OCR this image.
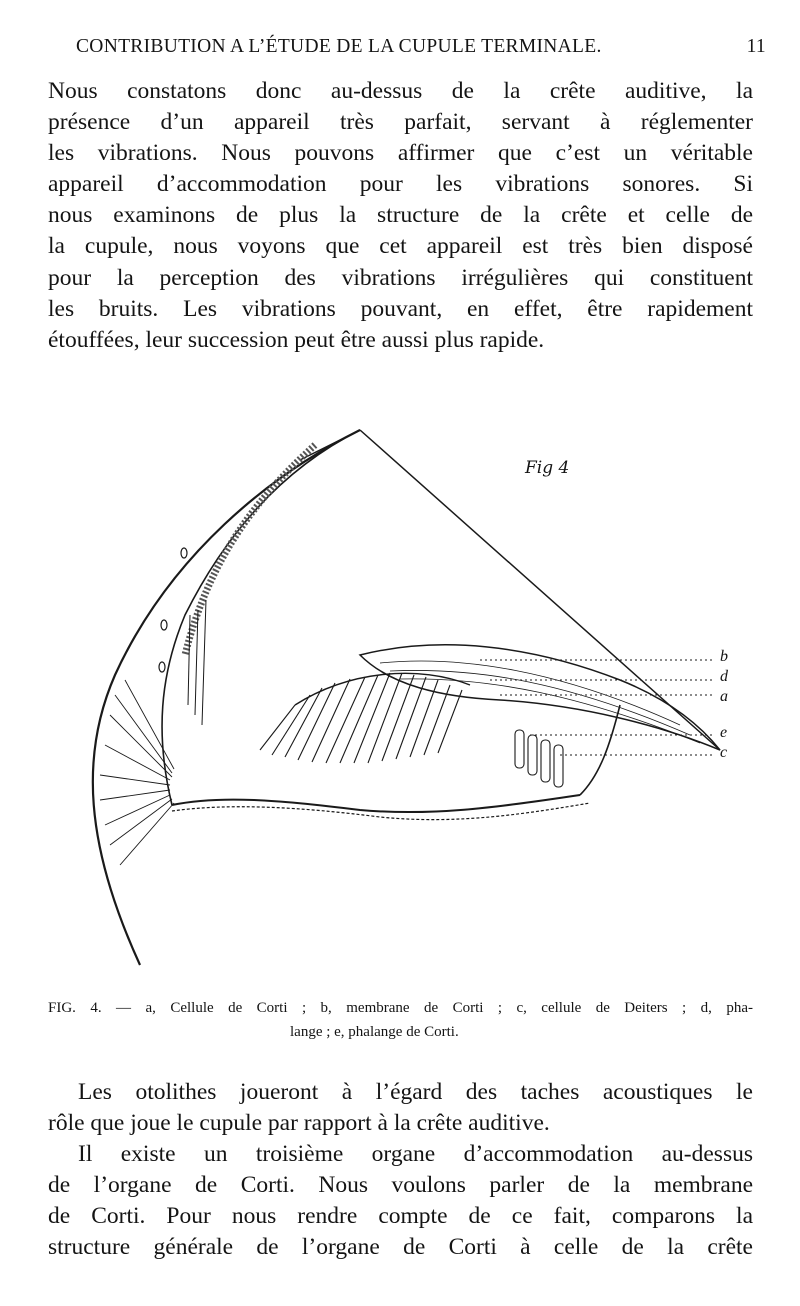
CONTRIBUTION A L’ÉTUDE DE LA CUPULE TERMINALE.	11
Nous constatons donc au-dessus de la crête auditive, la
présence d’un appareil très parfait, servant à réglementer
les vibrations. Nous pouvons affirmer que c’est un véritable
appareil d’accommodation pour les vibrations sonores. Si
nous examinons de plus la structure de la crête et celle de
la cupule, nous voyons que cet appareil est très bien disposé
pour la perception des vibrations irrégulières qui constituent
les bruits. Les vibrations pouvant, en effet, être rapidement
étouffées, leur succession peut être aussi plus rapide.
Fig 4
b
d
a
e
c
FIG. 4. — a, Cellule de Corti ; b, membrane de Corti ; c, cellule de Deiters ; d, pha-
lange ; e, phalange de Corti.
Les otolithes joueront à l’égard des taches acoustiques le
rôle que joue le cupule par rapport à la crête auditive.
Il existe un troisième organe d’accommodation au-dessus
de l’organe de Corti. Nous voulons parler de la membrane
de Corti. Pour nous rendre compte de ce fait, comparons la
structure générale de l’organe de Corti à celle de la crête
